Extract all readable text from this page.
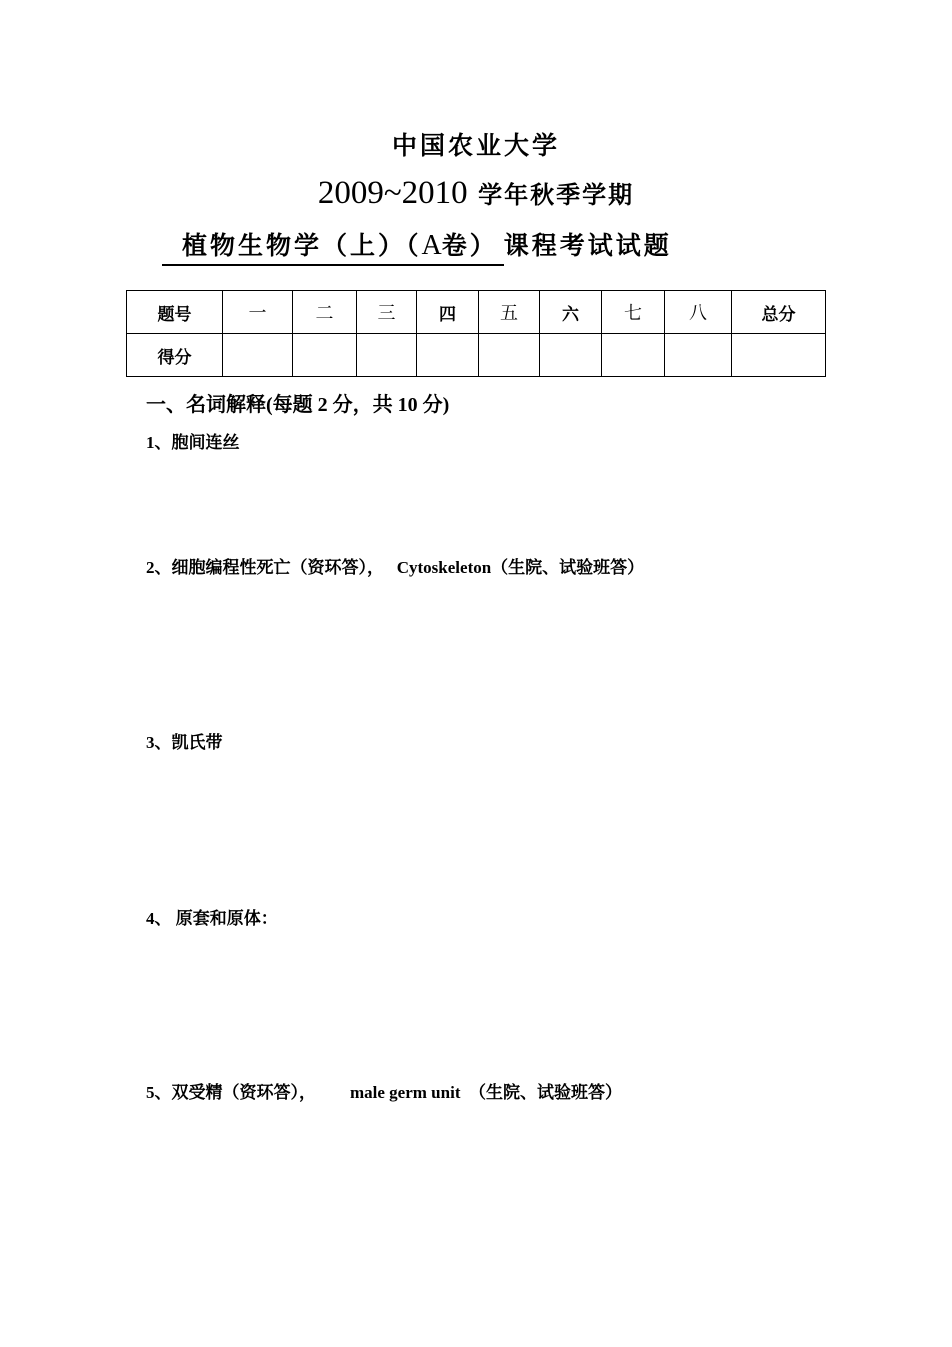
中国农业大学
2009~2010 学年秋季学期
植物生物学（上）（A卷） 课程考试试题
题号	一	二	三	四	五	六	七	八	总分
得分									
一、名词解释(每题 2 分，共 10 分)
1、胞间连丝
2、细胞编程性死亡（资环答），   Cytoskeleton（生院、试验班答）
3、凯氏带
4、 原套和原体：
5、双受精（资环答），        male germ unit  （生院、试验班答）
